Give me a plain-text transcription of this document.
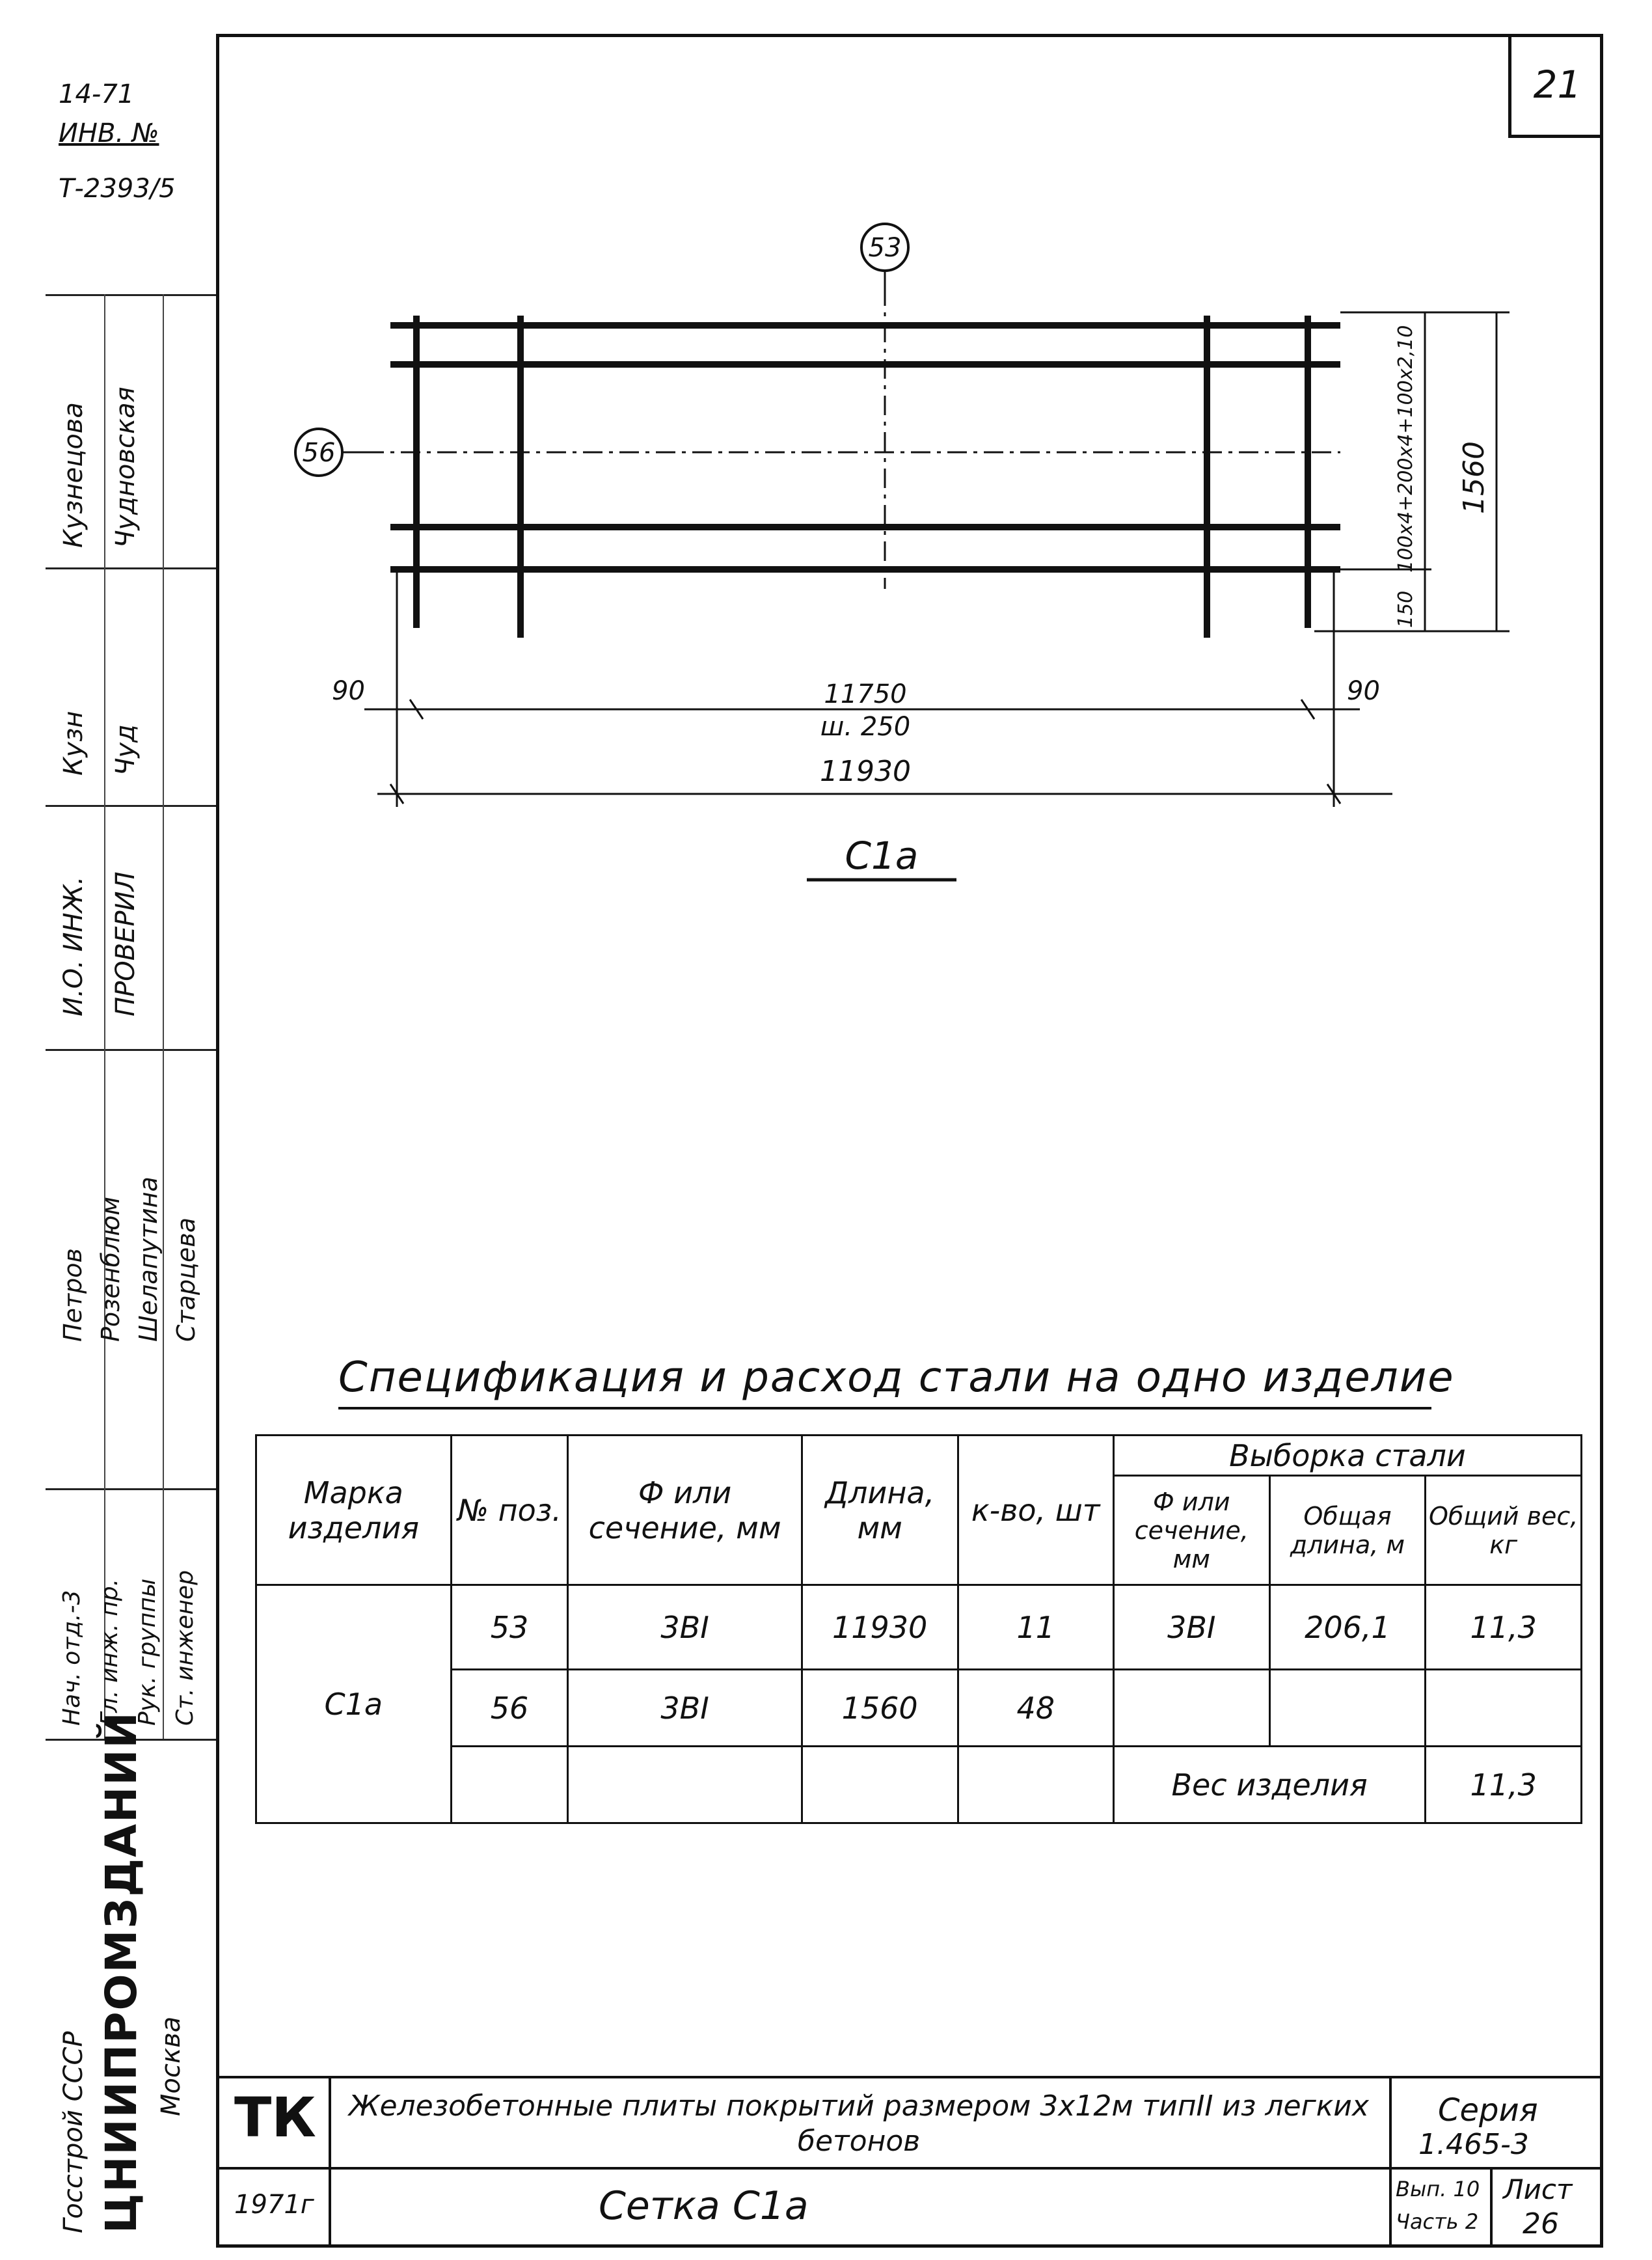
21
14-71
ИНВ. №
Т-2393/5
Кузнецова Чудновская
Кузн Чуд
И.О. ИНЖ. ПРОВЕРИЛ
Петров Розенблюм Шелапутина Старцева
Нач. отд.-3 Гл. инж. пр. Рук. группы Ст. инженер
Госстрой СССР ЦНИИПРОМЗДАНИЙ Москва
53
56	100x4+200x4+100x2,10 1560
150
90	90
11750
ш. 250
11930
С1а
Спецификация и расход стали на одно изделие
Марка изделия	№ поз.	Ф или сечение, мм	Длина, мм	к-во, шт	Выборка стали		
					Ф или сечение, мм	Общая длина, м	Общий вес, кг
С1а	53	3ВI	11930	11	3ВI	206,1	11,3
	56	3ВI	1560	48			
					Вес изделия		11,3
ТК
1971г
Железобетонные плиты покрытий размером 3x12м типII из легких бетонов
Сетка С1а
Серия
1.465-3
Вып. 10
Часть 2
Лист
26
